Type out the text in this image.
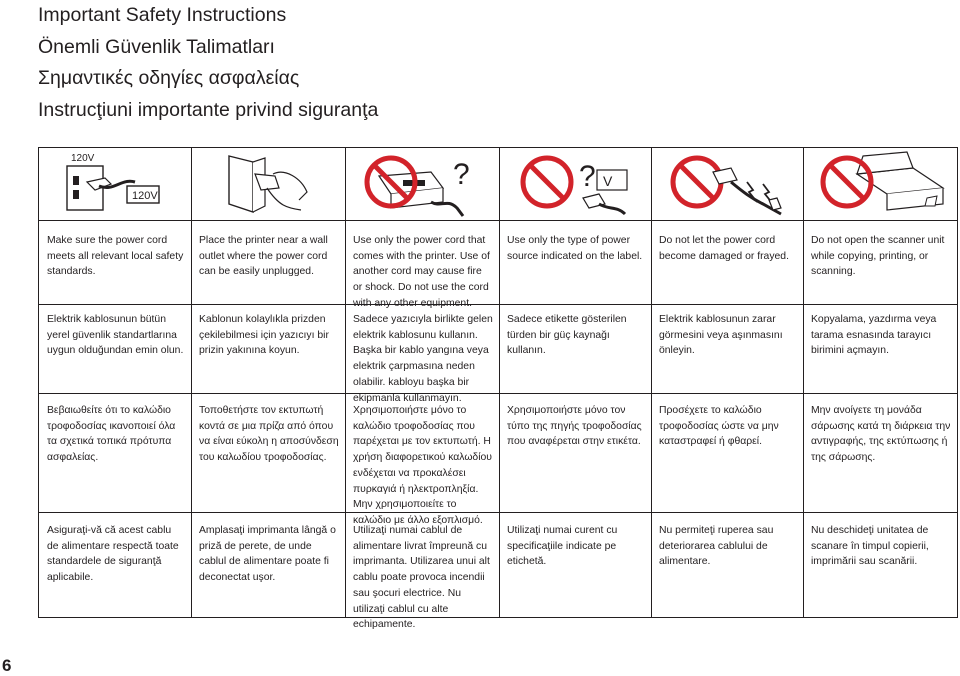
Important Safety Instructions
Önemli Güvenlik Talimatları
Σημαντικές οδηγίες ασφαλείας
Instrucţiuni importante privind siguranţa
120V
120V
?	? V
Make sure the power cord meets all relevant local safety standards.
Place the printer near a wall outlet where the power cord can be easily unplugged.
Use only the power cord that comes with the printer. Use of another cord may cause fire or shock. Do not use the cord with any other equipment.
Use only the type of power source indicated on the label.
Do not let the power cord become damaged or frayed.
Do not open the scanner unit while copying, printing, or scanning.
Elektrik kablosunun bütün yerel güvenlik standartlarına uygun olduğundan emin olun.
Kablonun kolaylıkla prizden çekilebilmesi için yazıcıyı bir prizin yakınına koyun.
Sadece yazıcıyla birlikte gelen elektrik kablosunu kullanın. Başka bir kablo yangına veya elektrik çarpmasına neden olabilir. kabloyu başka bir ekipmanla kullanmayın.
Sadece etikette gösterilen türden bir güç kaynağı kullanın.
Elektrik kablosunun zarar görmesini veya aşınmasını önleyin.
Kopyalama, yazdırma veya tarama esnasında tarayıcı birimini açmayın.
Βεβαιωθείτε ότι το καλώδιο τροφοδοσίας ικανοποιεί όλα τα σχετικά τοπικά πρότυπα ασφαλείας.
Τοποθετήστε τον εκτυπωτή κοντά σε μια πρίζα από όπου να είναι εύκολη η αποσύνδεση του καλωδίου τροφοδοσίας.
Χρησιμοποιήστε μόνο το καλώδιο τροφοδοσίας που παρέχεται με τον εκτυπωτή. Η χρήση διαφορετικού καλωδίου ενδέχεται να προκαλέσει πυρκαγιά ή ηλεκτροπληξία. Μην χρησιμοποιείτε το καλώδιο με άλλο εξοπλισμό.
Χρησιμοποιήστε μόνο τον τύπο της πηγής τροφοδοσίας που αναφέρεται στην ετικέτα.
Προσέχετε το καλώδιο τροφοδοσίας ώστε να μην καταστραφεί ή φθαρεί.
Μην ανοίγετε τη μονάδα σάρωσης κατά τη διάρκεια την αντιγραφής, της εκτύπωσης ή της σάρωσης.
Asiguraţi-vă că acest cablu de alimentare respectă toate standardele de siguranţă aplicabile.
Amplasaţi imprimanta lângă o priză de perete, de unde cablul de alimentare poate fi deconectat uşor.
Utilizaţi numai cablul de alimentare livrat împreună cu imprimanta. Utilizarea unui alt cablu poate provoca incendii sau şocuri electrice. Nu utilizaţi cablul cu alte echipamente.
Utilizaţi numai curent cu specificaţiile indicate pe etichetă.
Nu permiteţi ruperea sau deteriorarea cablului de alimentare.
Nu deschideţi unitatea de scanare în timpul copierii, imprimării sau scanării.
6
